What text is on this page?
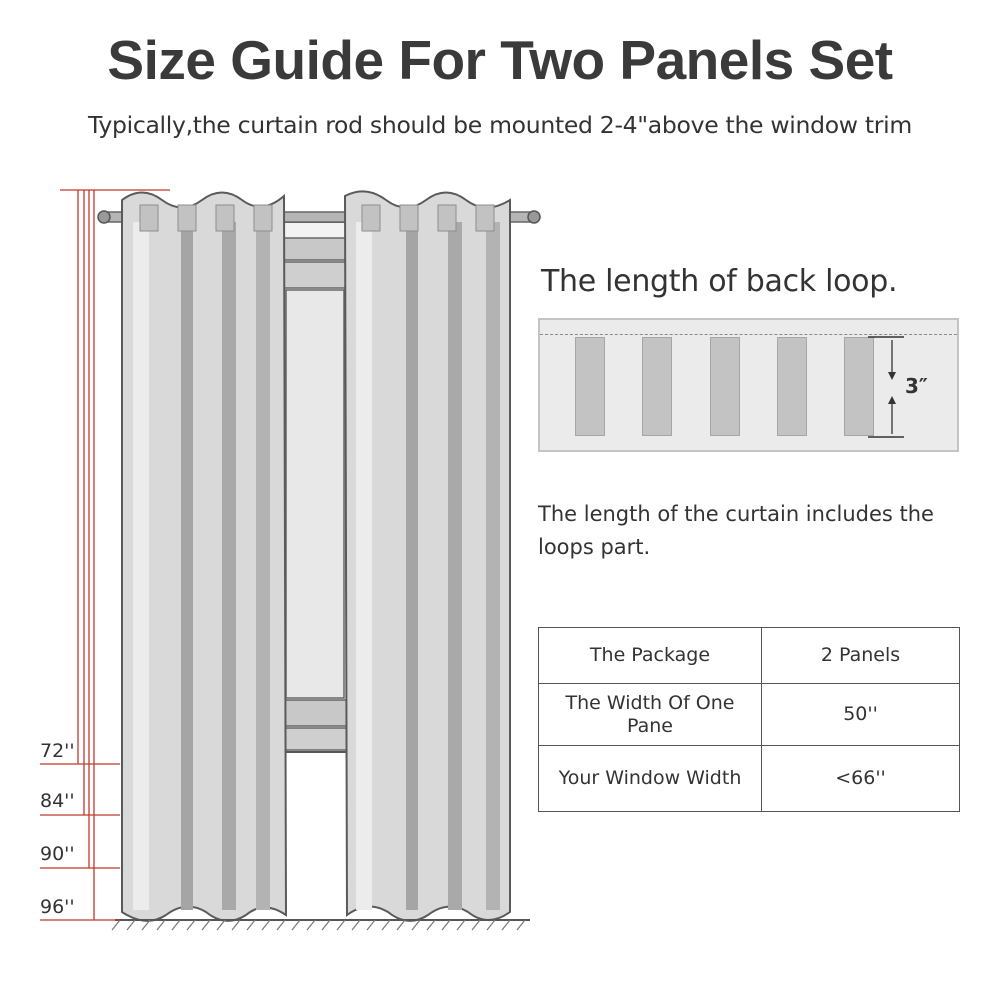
Size Guide For Two Panels Set
Typically,the curtain rod should be mounted 2-4"above the window trim
72''
84''
90''
96''
The length of back loop.
3″
The length of the curtain includes the loops part.
The Package	2 Panels
The Width Of One Pane	50''
Your Window Width	<66''
